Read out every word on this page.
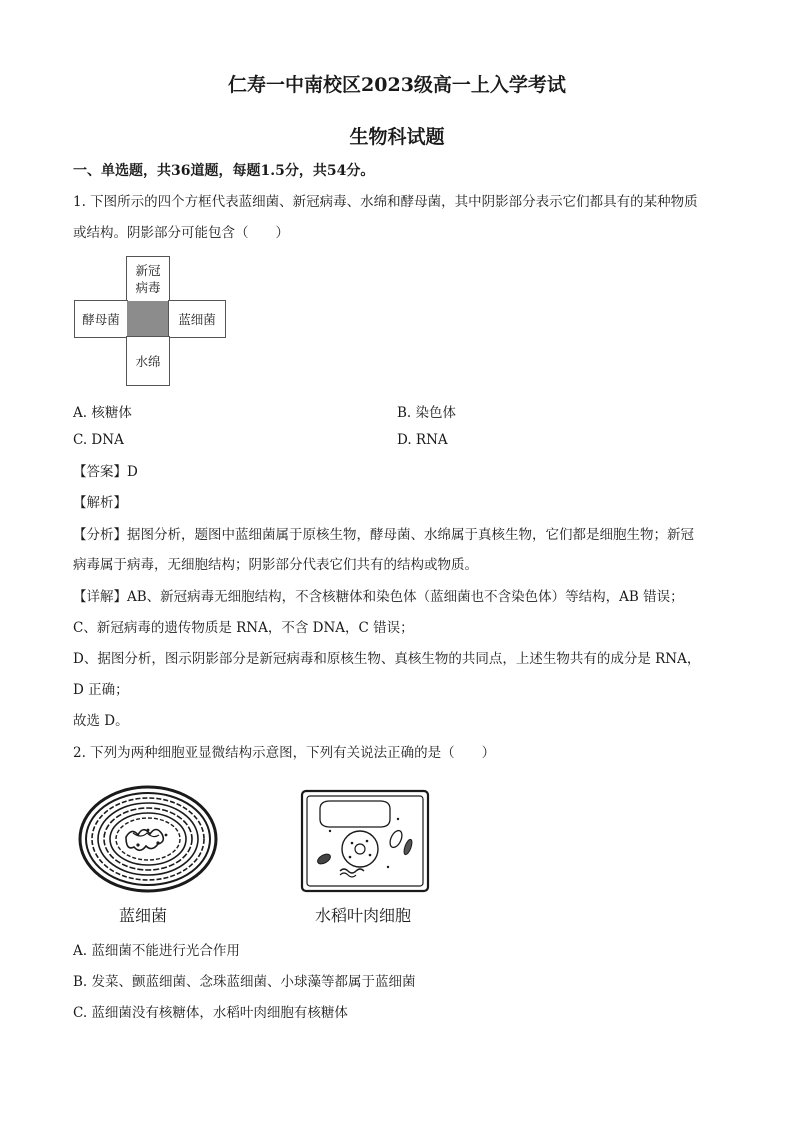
仁寿一中南校区2023级高一上入学考试
生物科试题
一、单选题，共36道题，每题1.5分，共54分。
1. 下图所示的四个方框代表蓝细菌、新冠病毒、水绵和酵母菌，其中阴影部分表示它们都具有的某种物质
或结构。阴影部分可能包含（　　）
新冠
病毒
酵母菌	蓝细菌
水绵
A. 核糖体	B. 染色体
C. DNA	D. RNA
【答案】D
【解析】
【分析】据图分析，题图中蓝细菌属于原核生物，酵母菌、水绵属于真核生物，它们都是细胞生物；新冠
病毒属于病毒，无细胞结构；阴影部分代表它们共有的结构或物质。
【详解】AB、新冠病毒无细胞结构，不含核糖体和染色体（蓝细菌也不含染色体）等结构，AB 错误；
C、新冠病毒的遗传物质是 RNA，不含 DNA，C 错误；
D、据图分析，图示阴影部分是新冠病毒和原核生物、真核生物的共同点，上述生物共有的成分是 RNA，
D 正确；
故选 D。
2. 下列为两种细胞亚显微结构示意图，下列有关说法正确的是（　　）
蓝细菌	水稻叶肉细胞
A. 蓝细菌不能进行光合作用
B. 发菜、颤蓝细菌、念珠蓝细菌、小球藻等都属于蓝细菌
C. 蓝细菌没有核糖体，水稻叶肉细胞有核糖体
